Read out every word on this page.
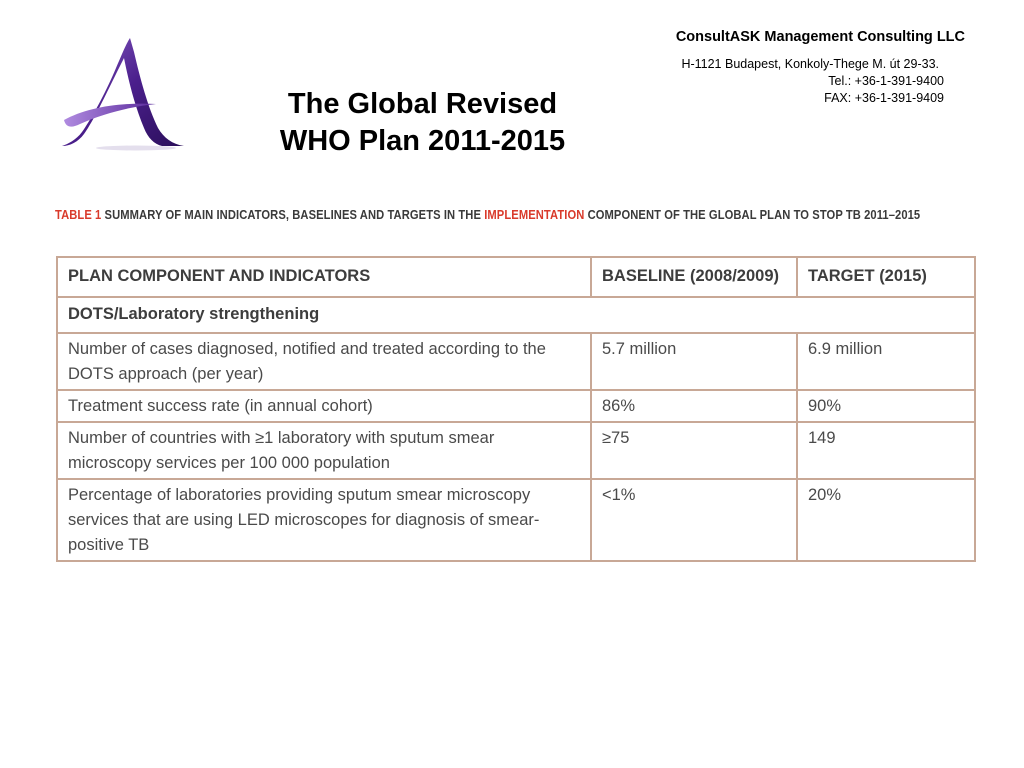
ConsultASK Management Consulting LLC
H-1121 Budapest, Konkoly-Thege M. út 29-33.
Tel.: +36-1-391-9400
FAX: +36-1-391-9409
The Global Revised
WHO Plan 2011-2015
TABLE 1 SUMMARY OF MAIN INDICATORS, BASELINES AND TARGETS IN THE IMPLEMENTATION COMPONENT OF THE GLOBAL PLAN TO STOP TB 2011–2015
PLAN COMPONENT AND INDICATORS	BASELINE (2008/2009)	TARGET (2015)
DOTS/Laboratory strengthening		
Number of cases diagnosed, notified and treated according to the DOTS approach (per year)	5.7 million	6.9 million
Treatment success rate (in annual cohort)	86%	90%
Number of countries with ≥1 laboratory with sputum smear microscopy services per 100 000 population	≥75	149
Percentage of laboratories providing sputum smear microscopy services that are using LED microscopes for diagnosis of smear-positive TB	<1%	20%
